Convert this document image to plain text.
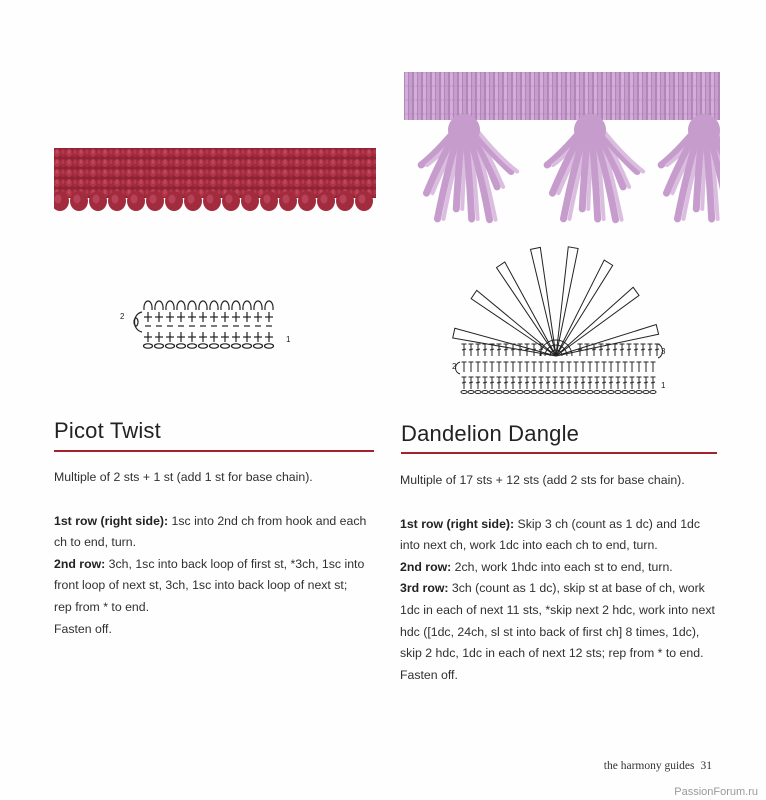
2
1
3
2
1
Picot Twist	Dandelion Dangle

Multiple of 2 sts + 1 st (add 1 st for base chain).

1st row (right side): 1sc into 2nd ch from hook and each

ch to end, turn.

2nd row: 3ch, 1sc into back loop of first st, *3ch, 1sc into

front loop of next st, 3ch, 1sc into back loop of next st;

rep from * to end.

Fasten off.

Multiple of 17 sts + 12 sts (add 2 sts for base chain).

1st row (right side): Skip 3 ch (count as 1 dc) and 1dc

into next ch, work 1dc into each ch to end, turn.

2nd row: 2ch, work 1hdc into each st to end, turn.

3rd row: 3ch (count as 1 dc), skip st at base of ch, work

1dc in each of next 11 sts, *skip next 2 hdc, work into next

hdc ([1dc, 24ch, sl st into back of first ch] 8 times, 1dc),

skip 2 hdc, 1dc in each of next 12 sts; rep from * to end.

Fasten off.

the harmony guides 31
PassionForum.ru
